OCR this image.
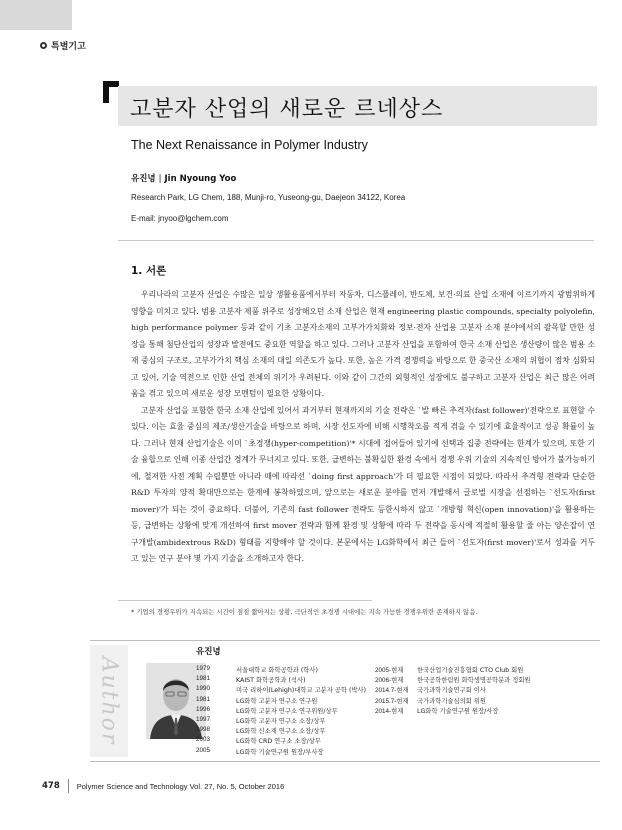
특별기고
고분자 산업의 새로운 르네상스
The Next Renaissance in Polymer Industry
유진녕 | Jin Nyoung Yoo
Research Park, LG Chem, 188, Munji-ro, Yuseong-gu, Daejeon 34122, Korea
E-mail: jnyoo@lgchem.com
1. 서론

우리나라의 고분자 산업은 수많은 일상 생활용품에서부터 자동차, 디스플레이, 반도체, 보건·의료 산업 소재에 이르기까지 광범위하게 영향을 미치고 있다. 범용 고분자 제품 위주로 성장해오던 소재 산업은 현재 engineering plastic compounds, specialty polyolefin, high performance polymer 등과 같이 기초 고분자소재의 고부가가치화와 정보·전자 산업용 고분자 소재 분야에서의 괄목할 만한 성장을 통해 첨단산업의 성장과 발전에도 중요한 역할을 하고 있다. 그러나 고분자 산업을 포함하여 한국 소재 산업은 생산량이 많은 범용 소재 중심의 구조로, 고부가가치 핵심 소재의 대일 의존도가 높다. 또한, 높은 가격 경쟁력을 바탕으로 한 중국산 소재의 위협이 점차 심화되고 있어, 기술 역전으로 인한 산업 전체의 위기가 우려된다. 이와 같이 그간의 외형적인 성장에도 불구하고 고분자 산업은 최근 많은 어려움을 겪고 있으며 새로운 성장 모멘텀이 필요한 상황이다.

고분자 산업을 포함한 한국 소재 산업에 있어서 과거부터 현재까지의 기술 전략은 `발 빠른 추격자(fast follower)'전략으로 표현할 수 있다. 이는 효율 중심의 제조/생산기술을 바탕으로 하며, 시장 선도자에 비해 시행착오를 적게 겪을 수 있기에 효율적이고 성공 확률이 높다. 그러나 현재 산업기술은 이미 `초경쟁(hyper-competition)'* 시대에 접어들어 있기에 선택과 집중 전략에는 한계가 있으며, 또한 기술 융합으로 인해 이종 산업간 경계가 무너지고 있다. 또한, 급변하는 불확실한 환경 속에서 경쟁 우위 기술의 지속적인 방어가 불가능하기에, 철저한 사전 계획 수립뿐만 아니라 때에 따라선 `doing first approach'가 더 필요한 시점이 되었다. 따라서 추격형 전략과 단순한 R&D 투자의 양적 확대만으로는 한계에 봉착하였으며, 앞으로는 새로운 분야를 먼저 개발해서 글로벌 시장을 선점하는 `선도자(first mover)'가 되는 것이 중요하다. 더불어, 기존의 fast follower 전략도 등한시하지 않고 `개방형 혁신(open innovation)'을 활용하는 등, 급변하는 상황에 맞게 개선하여 first mover 전략과 함께 환경 및 상황에 따라 두 전략을 동시에 적절히 활용할 줄 아는 양손잡이 연구개발(ambidextrous R&D) 형태를 지향해야 할 것이다. 본문에서는 LG화학에서 최근 들어 `선도자(first mover)'로서 성과를 거두고 있는 연구 분야 몇 가지 기술을 소개하고자 한다.

* 기업의 경쟁우위가 지속되는 시간이 점점 짧아지는 상황, 극단적인 초경쟁 시대에는 지속 가능한 경쟁우위란 존재하지 않음.
Author
유진녕
1979	서울대학교 화학공학과 (학사)
1981	KAIST 화학공학과 (석사)
1990	미국 리하이(Lehigh)대학교 고분자 공학 (박사)
1981	LG화학 고분자 연구소 연구원
1996	LG화학 고분자 연구소 연구위원/상무
1997	LG화학 고분자 연구소 소장/상무
1998	LG화학 신소재 연구소 소장/상무
2003	LG화학 CRD 연구소 소장/상무
2005	LG화학 기술연구원 원장/부사장
2005-현재	한국산업기술진흥협회 CTO Club 회원
2006-현재	한국공학한림원 화학생명공학분과 정회원
2014.7-현재	국가과학기술연구회 이사
2015.7-현재	국가과학기술심의회 위원
2014-현재	LG화학 기술연구원 원장/사장
478 Polymer Science and Technology Vol. 27, No. 5, October 2016
